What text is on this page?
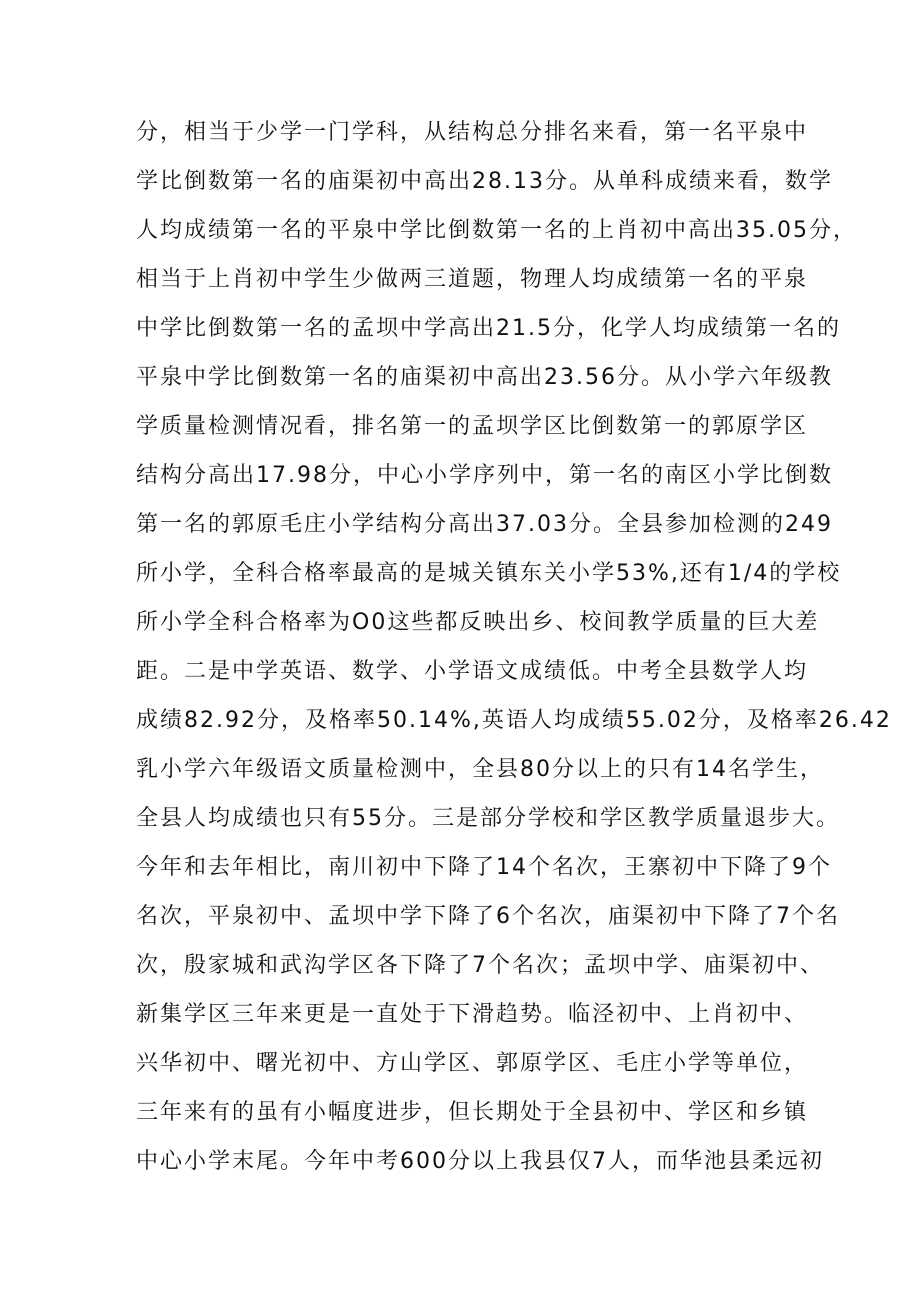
分，相当于少学一门学科，从结构总分排名来看，第一名平泉中
学比倒数第一名的庙渠初中高出28.13分。从单科成绩来看，数学
人均成绩第一名的平泉中学比倒数第一名的上肖初中高出35.05分，
相当于上肖初中学生少做两三道题，物理人均成绩第一名的平泉
中学比倒数第一名的孟坝中学高出21.5分，化学人均成绩第一名的
平泉中学比倒数第一名的庙渠初中高出23.56分。从小学六年级教
学质量检测情况看，排名第一的孟坝学区比倒数第一的郭原学区
结构分高出17.98分，中心小学序列中，第一名的南区小学比倒数
第一名的郭原毛庄小学结构分高出37.03分。全县参加检测的249
所小学，全科合格率最高的是城关镇东关小学53%,还有1/4的学校
所小学全科合格率为O0这些都反映出乡、校间教学质量的巨大差
距。二是中学英语、数学、小学语文成绩低。中考全县数学人均
成绩82.92分，及格率50.14%,英语人均成绩55.02分，及格率26.42
乳小学六年级语文质量检测中，全县80分以上的只有14名学生，
全县人均成绩也只有55分。三是部分学校和学区教学质量退步大。
今年和去年相比，南川初中下降了14个名次，王寨初中下降了9个
名次，平泉初中、孟坝中学下降了6个名次，庙渠初中下降了7个名
次，殷家城和武沟学区各下降了7个名次；孟坝中学、庙渠初中、
新集学区三年来更是一直处于下滑趋势。临泾初中、上肖初中、
兴华初中、曙光初中、方山学区、郭原学区、毛庄小学等单位，
三年来有的虽有小幅度进步，但长期处于全县初中、学区和乡镇
中心小学末尾。今年中考600分以上我县仅7人，而华池县柔远初
